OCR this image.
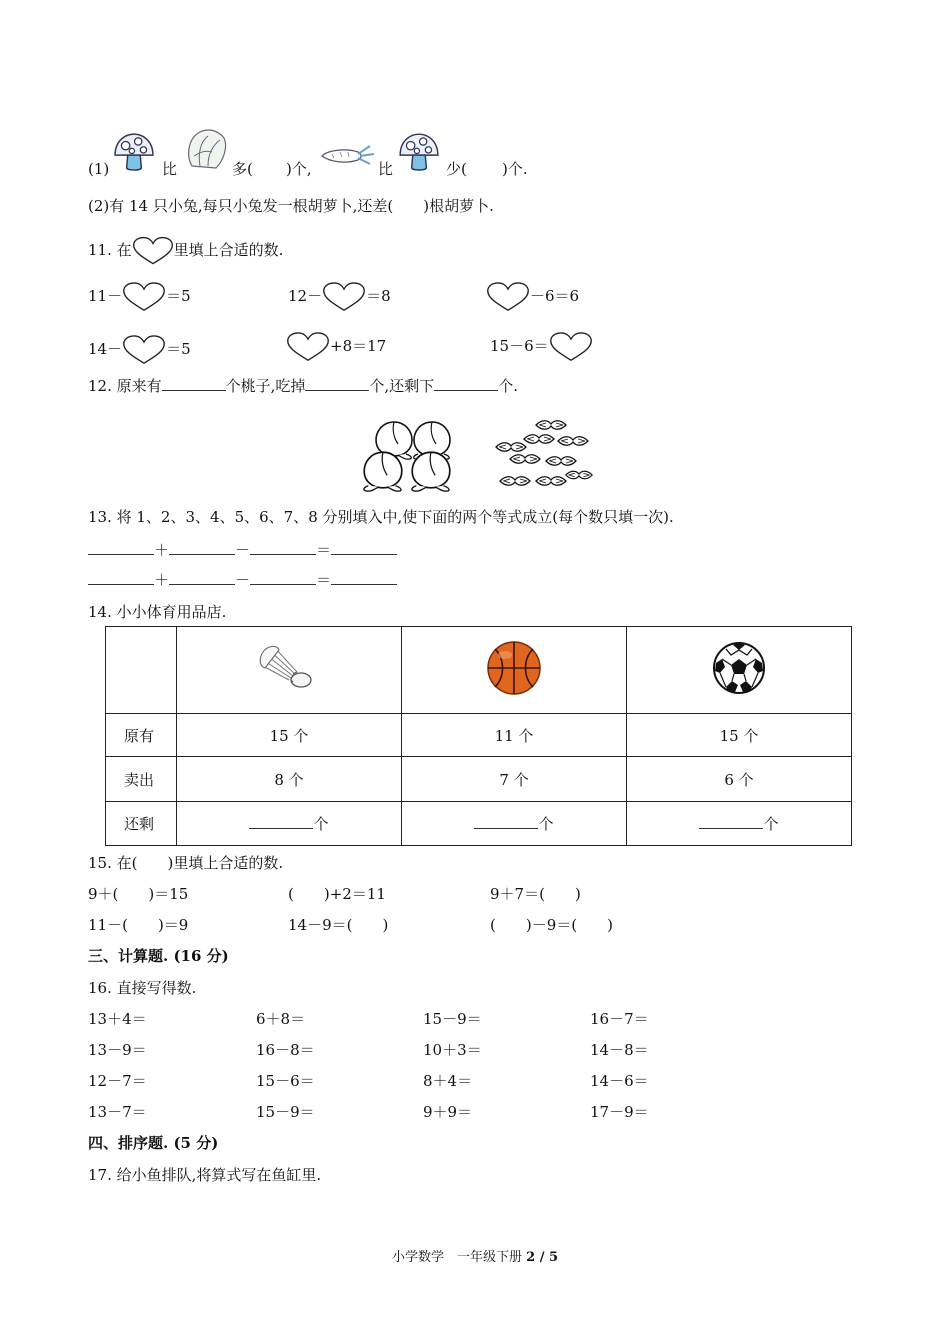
(1)	比	多( )个,	比	少( )个.
(2)有 14 只小兔,每只小兔发一根胡萝卜,还差(　　)根胡萝卜.
11. 在	里填上合适的数.
11－	＝5	12－	＝8	－6＝6
14－	＝5	+8＝17	15－6＝
12. 原来有	个桃子,吃掉	个,还剩下	个.
13. 将 1、2、3、4、5、6、7、8 分别填入中,使下面的两个等式成立(每个数只填一次).
＋	－	＝
＋	－	＝
14. 小小体育用品店.

原有	15 个	11 个	15 个
卖出	8 个	7 个	6 个
还剩	个	个	个
15. 在(　　)里填上合适的数.
9＋(　　)＝15	(　　)+2＝11	9＋7＝(　　)
11－(　　)＝9	14－9＝(　　)	(　　)－9＝(　　)
三、计算题. (16 分)
16. 直接写得数.
13＋4＝	6＋8＝	15－9＝	16－7＝
13－9＝	16－8＝	10＋3＝	14－8＝
12－7＝	15－6＝	8＋4＝	14－6＝
13－7＝	15－9＝	9＋9＝	17－9＝
四、排序题. (5 分)
17. 给小鱼排队,将算式写在鱼缸里.
小学数学　一年级下册 2 / 5
